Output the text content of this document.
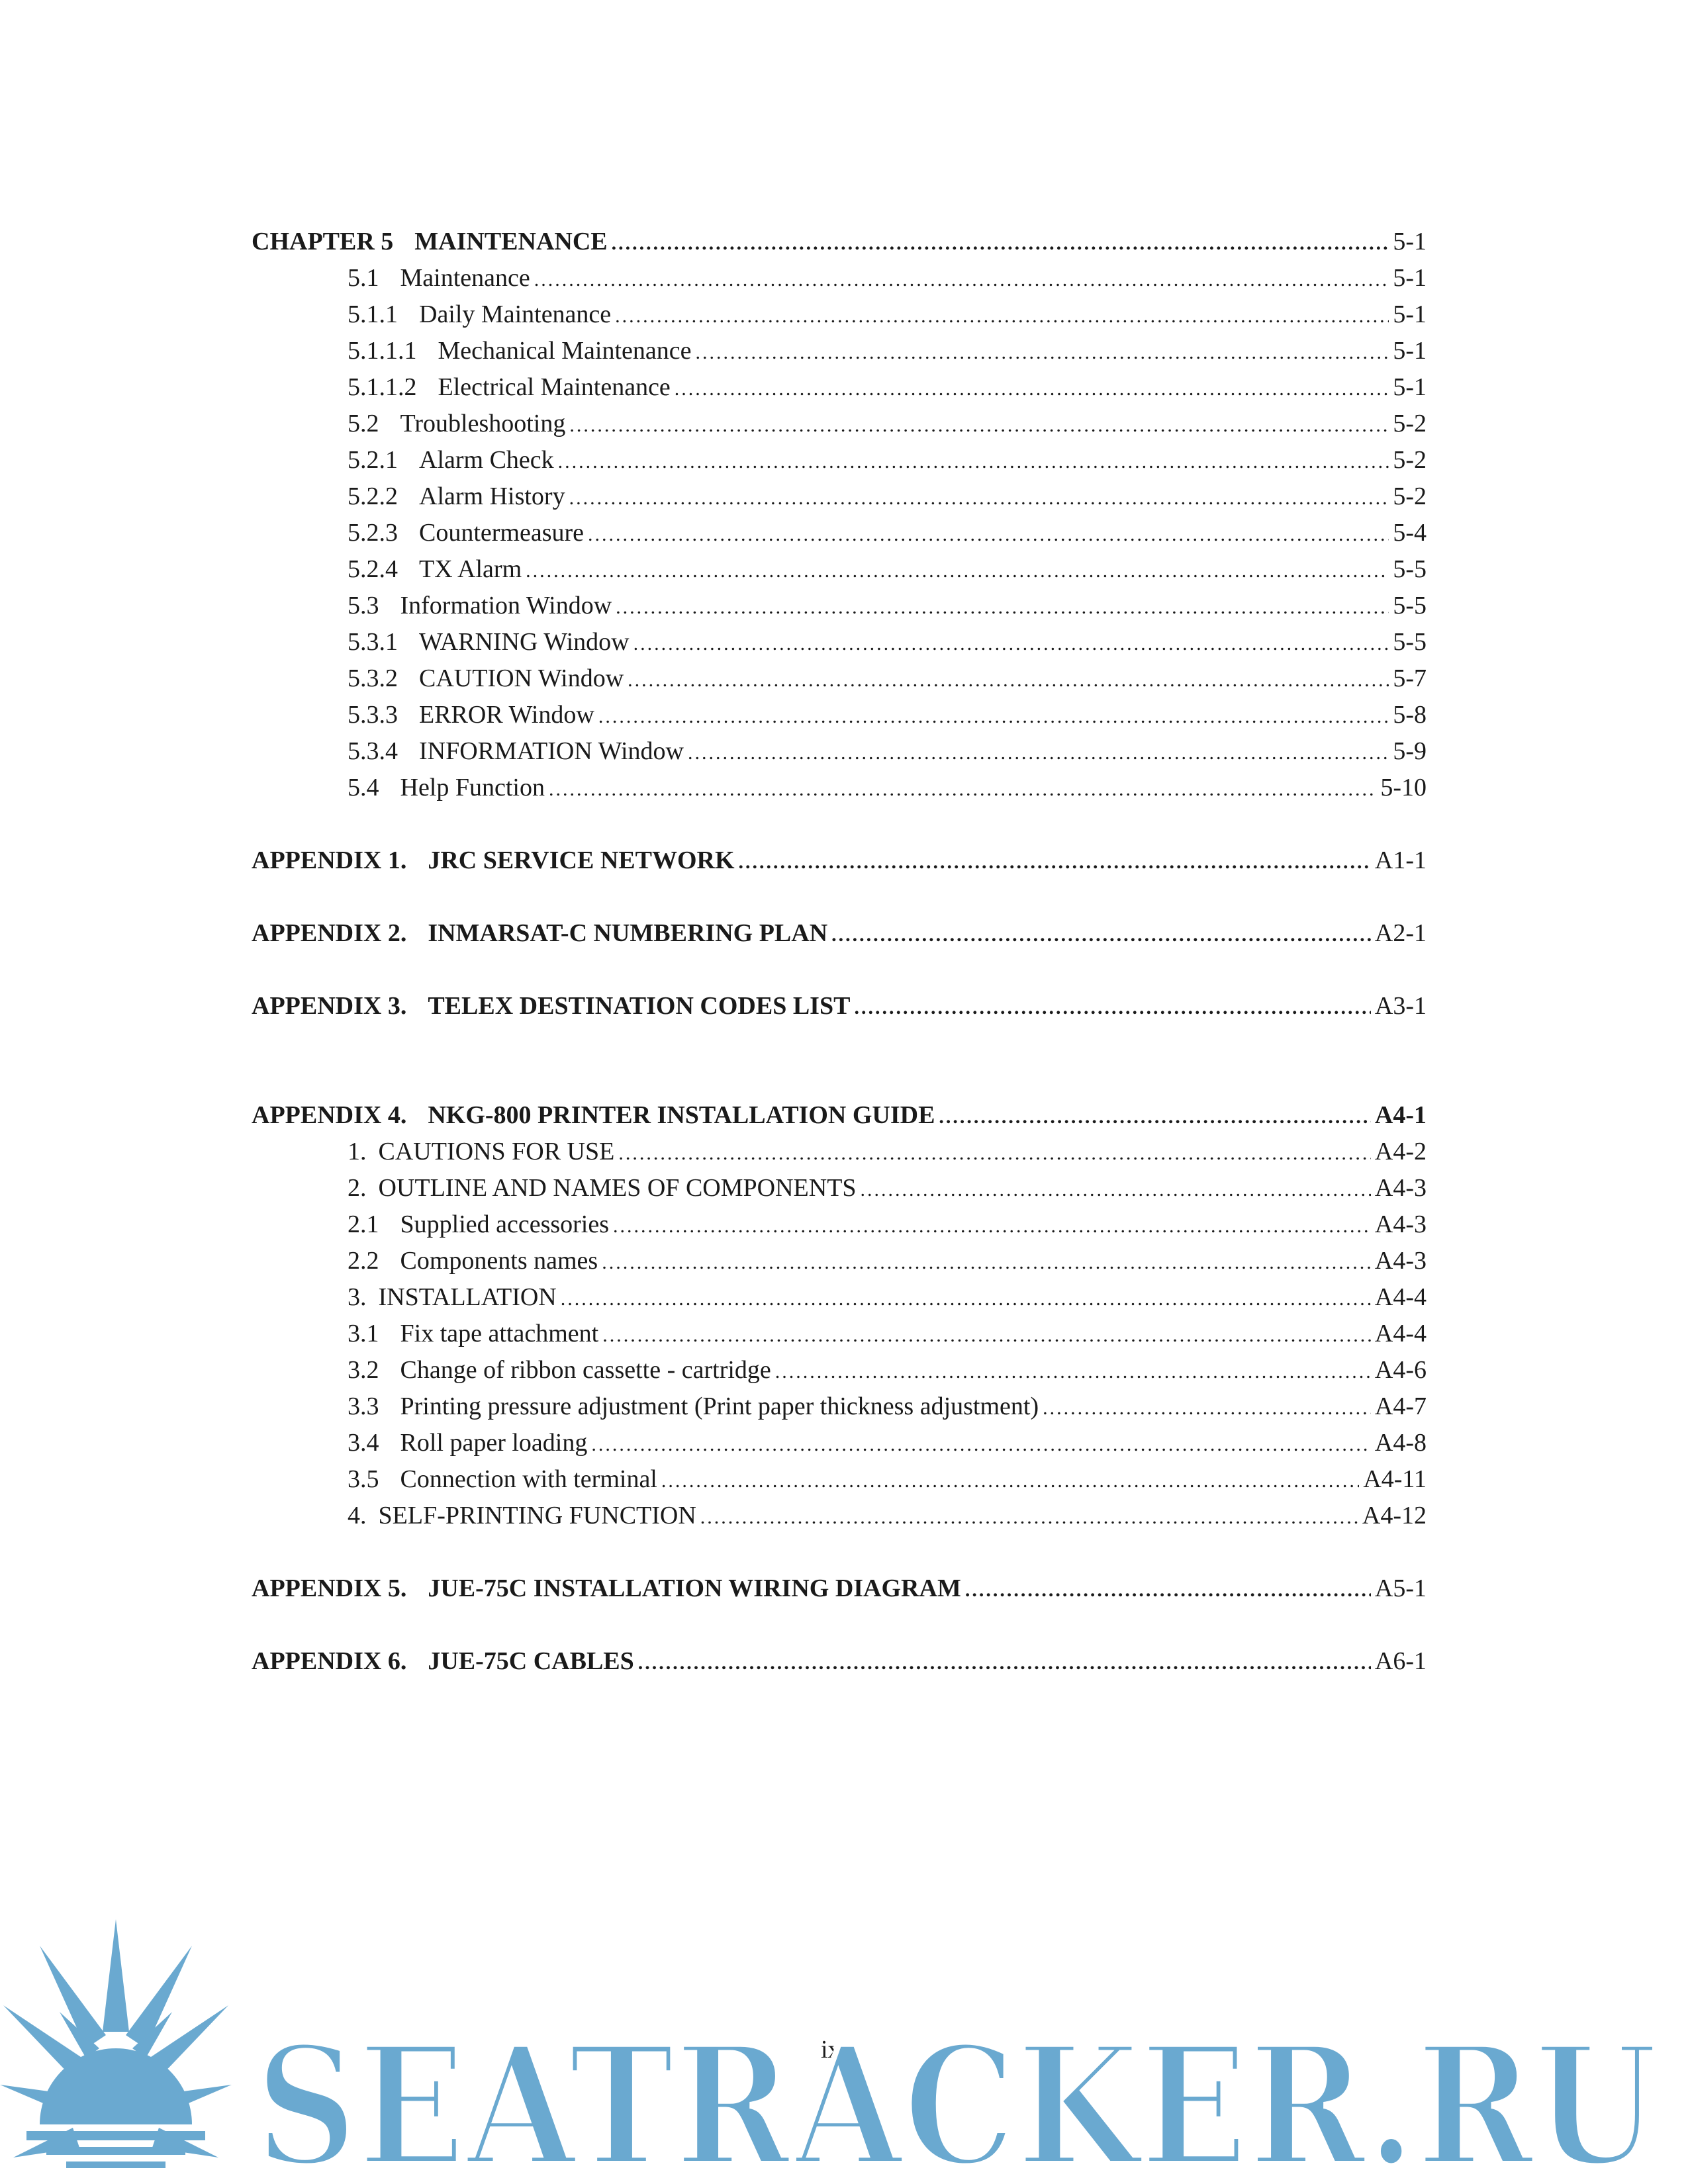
CHAPTER 5 MAINTENANCE .....	5-1
5.1 Maintenance .....	5-1
5.1.1 Daily Maintenance .....	5-1
5.1.1.1 Mechanical Maintenance .....	5-1
5.1.1.2 Electrical Maintenance .....	5-1
5.2 Troubleshooting .....	5-2
5.2.1 Alarm Check .....	5-2
5.2.2 Alarm History .....	5-2
5.2.3 Countermeasure .....	5-4
5.2.4 TX Alarm .....	5-5
5.3 Information Window .....	5-5
5.3.1 WARNING Window .....	5-5
5.3.2 CAUTION Window .....	5-7
5.3.3 ERROR Window .....	5-8
5.3.4 INFORMATION Window .....	5-9
5.4 Help Function .....	5-10
APPENDIX 1. JRC SERVICE NETWORK .....	A1-1
APPENDIX 2. INMARSAT-C NUMBERING PLAN .....	A2-1
APPENDIX 3. TELEX DESTINATION CODES LIST .....	A3-1
APPENDIX 4. NKG-800 PRINTER INSTALLATION GUIDE .....	A4-1
1. CAUTIONS FOR USE .....	A4-2
2. OUTLINE AND NAMES OF COMPONENTS .....	A4-3
2.1 Supplied accessories .....	A4-3
2.2 Components names .....	A4-3
3. INSTALLATION .....	A4-4
3.1 Fix tape attachment .....	A4-4
3.2 Change of ribbon cassette - cartridge .....	A4-6
3.3 Printing pressure adjustment (Print paper thickness adjustment) .....	A4-7
3.4 Roll paper loading .....	A4-8
3.5 Connection with terminal .....	A4-11
4. SELF-PRINTING FUNCTION .....	A4-12
APPENDIX 5. JUE-75C INSTALLATION WIRING DIAGRAM .....	A5-1
APPENDIX 6. JUE-75C CABLES .....	A6-1
ix
SEATRACKER.RU
